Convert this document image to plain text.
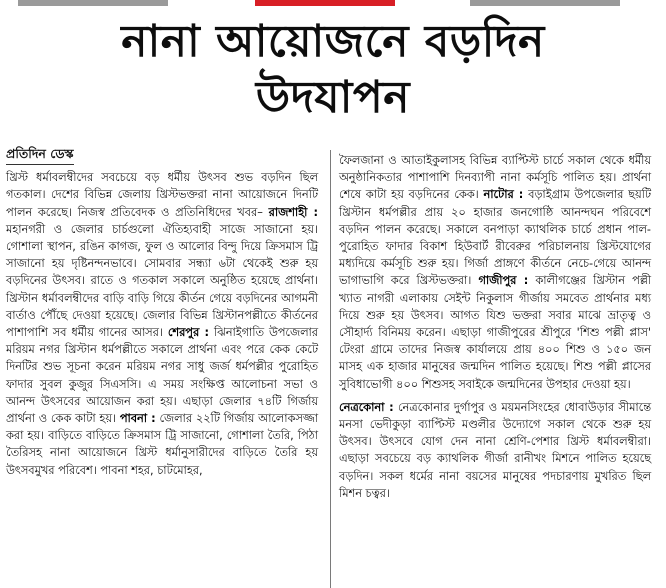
নানা আয়োজনে বড়দিন
উদযাপন
প্রতিদিন ডেস্ক

খ্রিস্ট ধর্মাবলম্বীদের সবচেয়ে বড় ধর্মীয় উৎসব শুভ বড়দিন ছিল গতকাল। দেশের বিভিন্ন জেলায় খ্রিস্টভক্তরা নানা আয়োজনে দিনটি পালন করেছে। নিজস্ব প্রতিবেদক ও প্রতিনিধিদের খবর– রাজশাহী : মহানগরী ও জেলার চার্চগুলো ঐতিহ্যবাহী সাজে সাজানো হয়। গোশালা স্থাপন, রঙিন কাগজ, ফুল ও আলোর বিন্দু দিয়ে ক্রিসমাস ট্রি সাজানো হয় দৃষ্টিনন্দনভাবে। সোমবার সন্ধ্যা ৬টা থেকেই শুরু হয় বড়দিনের উৎসব। রাতে ও গতকাল সকালে অনুষ্ঠিত হয়েছে প্রার্থনা। খ্রিস্টান ধর্মাবলম্বীদের বাড়ি বাড়ি গিয়ে কীর্তন গেয়ে বড়দিনের আগমনী বার্তাও পৌঁছে দেওয়া হয়েছে। জেলার বিভিন্ন খ্রিস্টানপল্লীতে কীর্তনের পাশাপাশি সব ধর্মীয় গানের আসর। শেরপুর : ঝিনাইগাতি উপজেলার মরিয়ম নগর খ্রিস্টান ধর্মপল্লীতে সকালে প্রার্থনা এবং পরে কেক কেটে দিনটির শুভ সূচনা করেন মরিয়ম নগর সাধু জর্জ ধর্মপল্লীর পুরোহিত ফাদার সুবল কুজুর সিএসসি। এ সময় সংক্ষিপ্ত আলোচনা সভা ও আনন্দ উৎসবের আয়োজন করা হয়। এছাড়া জেলার ৭৪টি গির্জায় প্রার্থনা ও কেক কাটা হয়। পাবনা : জেলার ২২টি গির্জায় আলোকসজ্জা করা হয়। বাড়িতে বাড়িতে ক্রিসমাস ট্রি সাজানো, গোশালা তৈরি, পিঠা তৈরিসহ নানা আয়োজনে খ্রিস্ট ধর্মানুসারীদের বাড়িতে তৈরি হয় উৎসবমুখর পরিবেশ। পাবনা শহর, চাটমোহর,

ফৈলজানা ও আতাইকুলাসহ বিভিন্ন ব্যাপ্টিস্ট চার্চে সকাল থেকে ধর্মীয় অনুষ্ঠানিকতার পাশাপাশি দিনব্যাপী নানা কর্মসূচি পালিত হয়। প্রার্থনা শেষে কাটা হয় বড়দিনের কেক। নাটোর : বড়াইগ্রাম উপজেলার ছয়টি খ্রিস্টান ধর্মপল্লীর প্রায় ২০ হাজার জনগোষ্ঠি আনন্দঘন পরিবেশে বড়দিন পালন করেছে। সকালে বনপাড়া ক্যাথলিক চার্চে প্রধান পাল-পুরোহিত ফাদার বিকাশ হিউবার্ট রীবেরুর পরিচালনায় খ্রিস্টযোগের মধ্যদিয়ে কর্মসূচি শুরু হয়। গির্জা প্রাঙ্গণে কীর্তনে নেচে-গেয়ে আনন্দ ভাগাভাগি করে খ্রিস্টভক্তরা। গাজীপুর : কালীগঞ্জের খ্রিস্টান পল্লী খ্যাত নাগরী এলাকায় সেইন্ট নিকুলাস গীর্জায় সমবেত প্রার্থনার মধ্য দিয়ে শুরু হয় উৎসব। আগত যিশু ভক্তরা সবার মাঝে ভ্রাতৃত্ব ও সৌহার্দ্য বিনিময় করেন। এছাড়া গাজীপুরের শ্রীপুরে 'শিশু পল্লী প্লাস' টেংরা গ্রামে তাদের নিজস্ব কার্যালয়ে প্রায় ৪০০ শিশু ও ১৫০ জন মাসহ এক হাজার মানুষের জন্মদিন পালিত হয়েছে। শিশু পল্লী প্লাসের সুবিধাভোগী ৪০০ শিশুসহ সবাইকে জন্মদিনের উপহার দেওয়া হয়।

নেত্রকোনা : নেত্রকোনার দুর্গাপুর ও ময়মনসিংহের ধোবাউড়ার সীমান্তে মনসা ভেদীকুড়া ব্যাপ্টিস্ট মণ্ডলীর উদ্যোগে সকাল থেকে শুরু হয় উৎসব। উৎসবে যোগ দেন নানা শ্রেণি-পেশার খ্রিস্ট ধর্মাবলম্বীরা। এছাড়া সবচেয়ে বড় ক্যাথলিক গীর্জা রানীখং মিশনে পালিত হয়েছে বড়দিন। সকল ধর্মের নানা বয়সের মানুষের পদচারণায় মুখরিত ছিল মিশন চত্বর।
